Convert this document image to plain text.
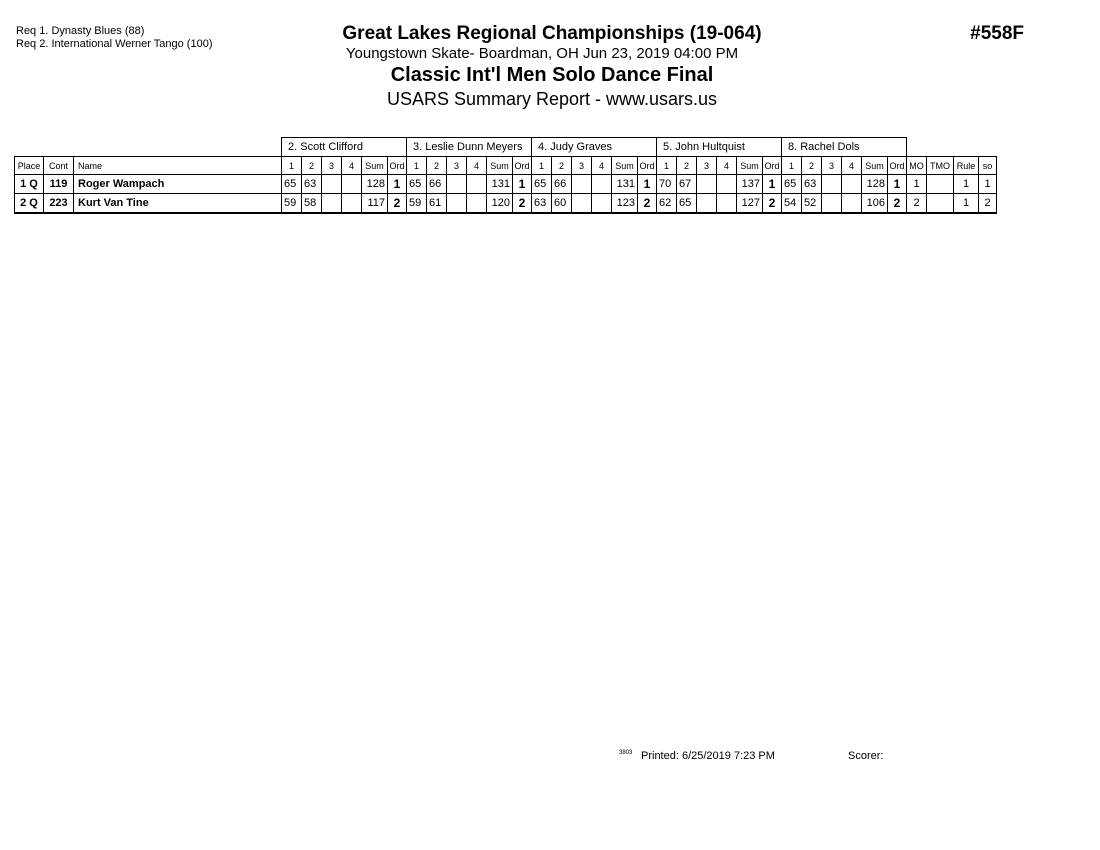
Req 1. Dynasty Blues (88)
Req 2. International Werner Tango (100)	Great Lakes Regional Championships (19-064)
Youngstown Skate- Boardman, OH Jun 23, 2019 04:00 PM
Classic Int'l Men Solo Dance Final
USARS Summary Report - www.usars.us
#558F
			2. Scott Clifford						3. Leslie Dunn Meyers						4. Judy Graves						5. John Hultquist						8. Rachel Dols									
Place	Cont	Name	1	2	3	4	Sum	Ord	1	2	3	4	Sum	Ord	1	2	3	4	Sum	Ord	1	2	3	4	Sum	Ord	1	2	3	4	Sum	Ord	MO	TMO	Rule	so
1 Q	119	Roger Wampach	65	63			128	1	65	66			131	1	65	66			131	1	70	67			137	1	65	63			128	1	1		1	1
2 Q	223	Kurt Van Tine	59	58			117	2	59	61			120	2	63	60			123	2	62	65			127	2	54	52			106	2	2		1	2
3803 Printed: 6/25/2019 7:23 PM	Scorer:
